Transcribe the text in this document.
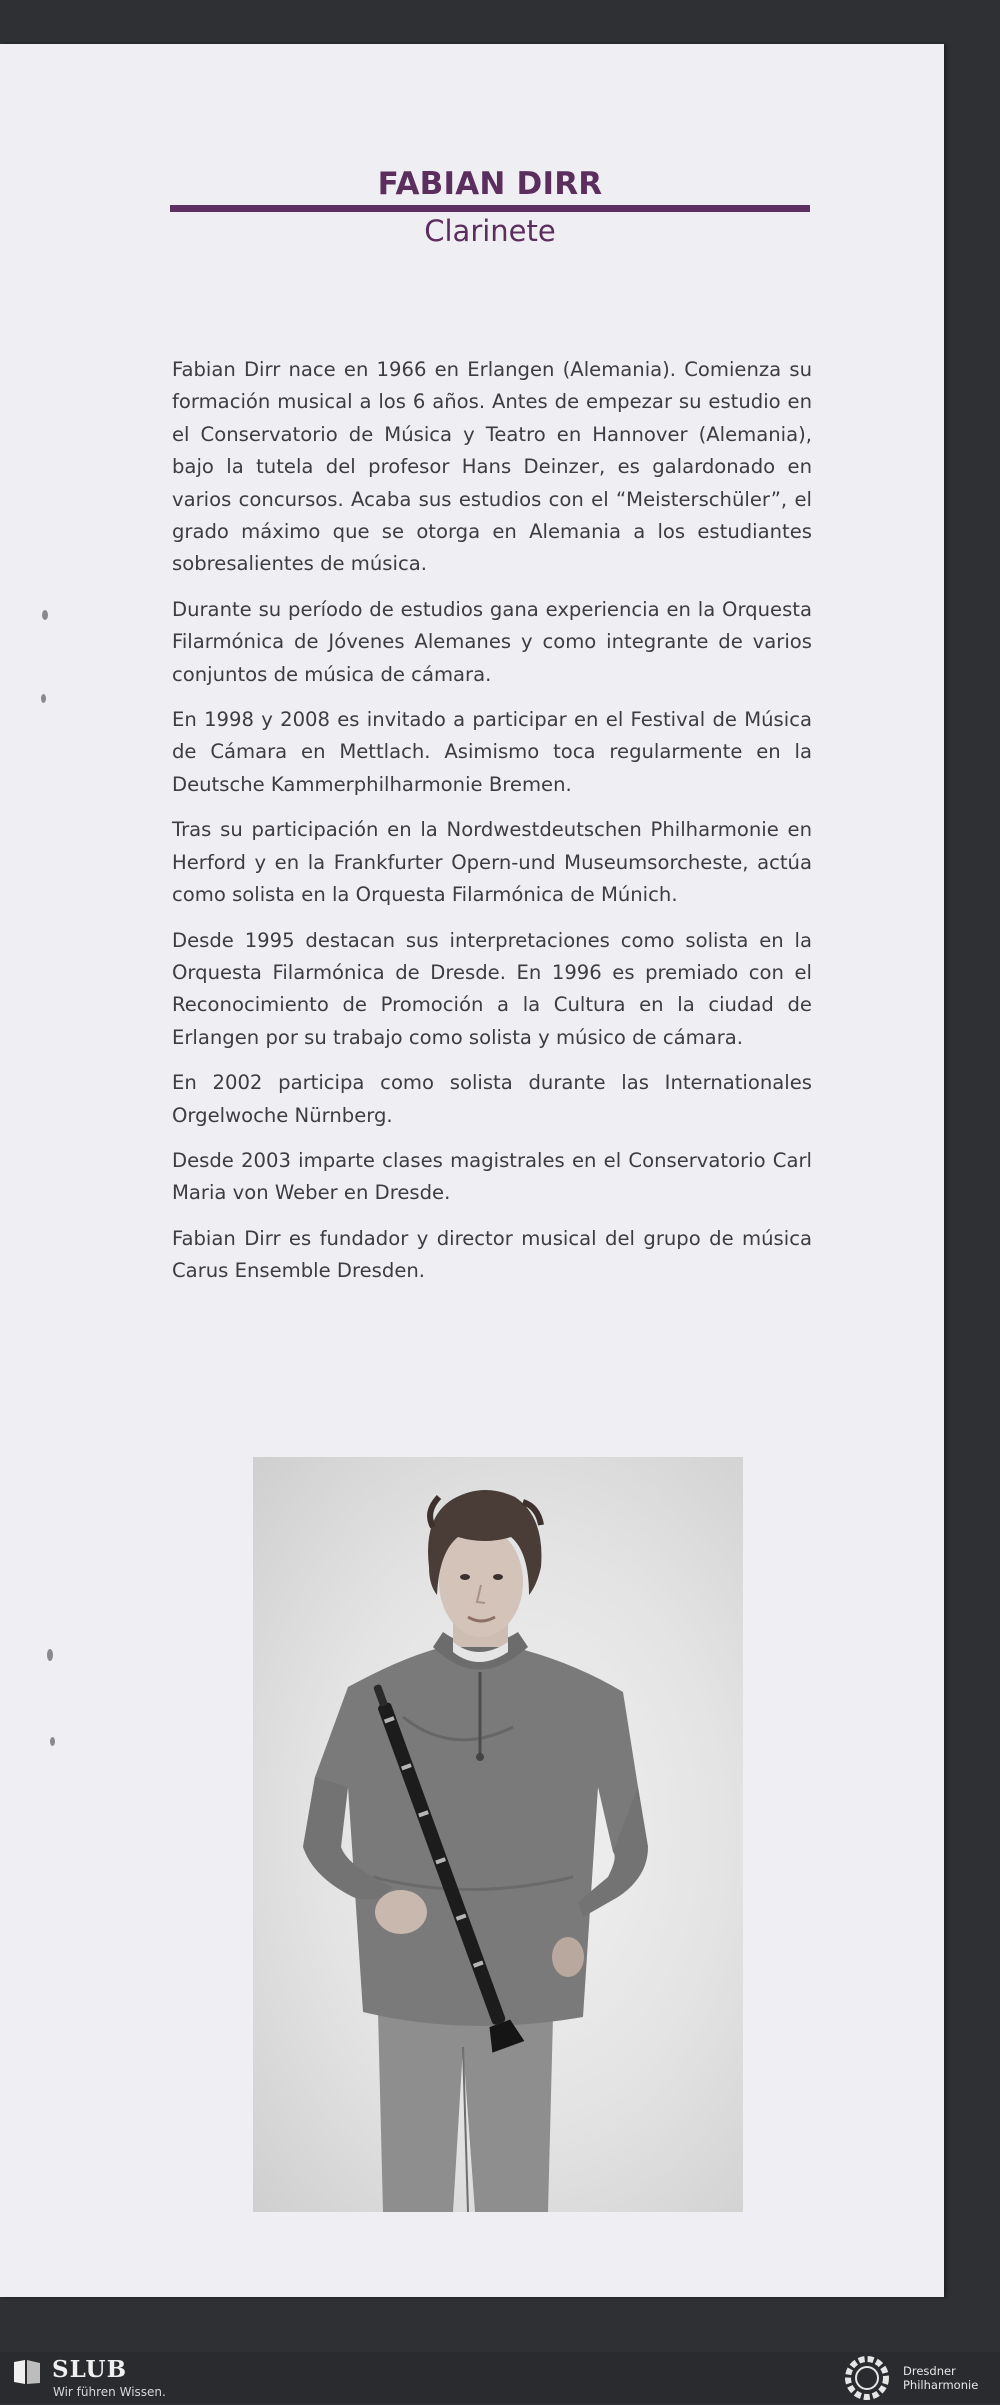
FABIAN DIRR
Clarinete

Fabian Dirr nace en 1966 en Erlangen (Alemania). Comienza su formación musical a los 6 años. Antes de empezar su estudio en el Conservatorio de Música y Teatro en Hannover (Alemania), bajo la tutela del profesor Hans Deinzer, es galardonado en varios concursos. Acaba sus estudios con el “Meisterschüler”, el grado máximo que se otorga en Alemania a los estudiantes sobresalientes de música.

Durante su período de estudios gana experiencia en la Orquesta Filarmónica de Jóvenes Alemanes y como integrante de varios conjuntos de música de cámara.

En 1998 y 2008 es invitado a participar en el Festival de Música de Cámara en Mettlach. Asimismo toca regularmente en la Deutsche Kammerphilharmonie Bremen.

Tras su participación en la Nordwestdeutschen Philharmonie en Herford y en la Frankfurter Opern-und Museumsorcheste, actúa como solista en la Orquesta Filarmónica de Múnich.

Desde 1995 destacan sus interpretaciones como solista en la Orquesta Filarmónica de Dresde. En 1996 es premiado con el Reconocimiento de Promoción a la Cultura en la ciudad de Erlangen por su trabajo como solista y músico de cámara.

En 2002 participa como solista durante las Internationales Orgelwoche Nürnberg.

Desde 2003 imparte clases magistrales en el Conservatorio Carl Maria von Weber en Dresde.

Fabian Dirr es fundador y director musical del grupo de música Carus Ensemble Dresden.

SLUB
Wir führen Wissen.
Dresdner
Philharmonie
